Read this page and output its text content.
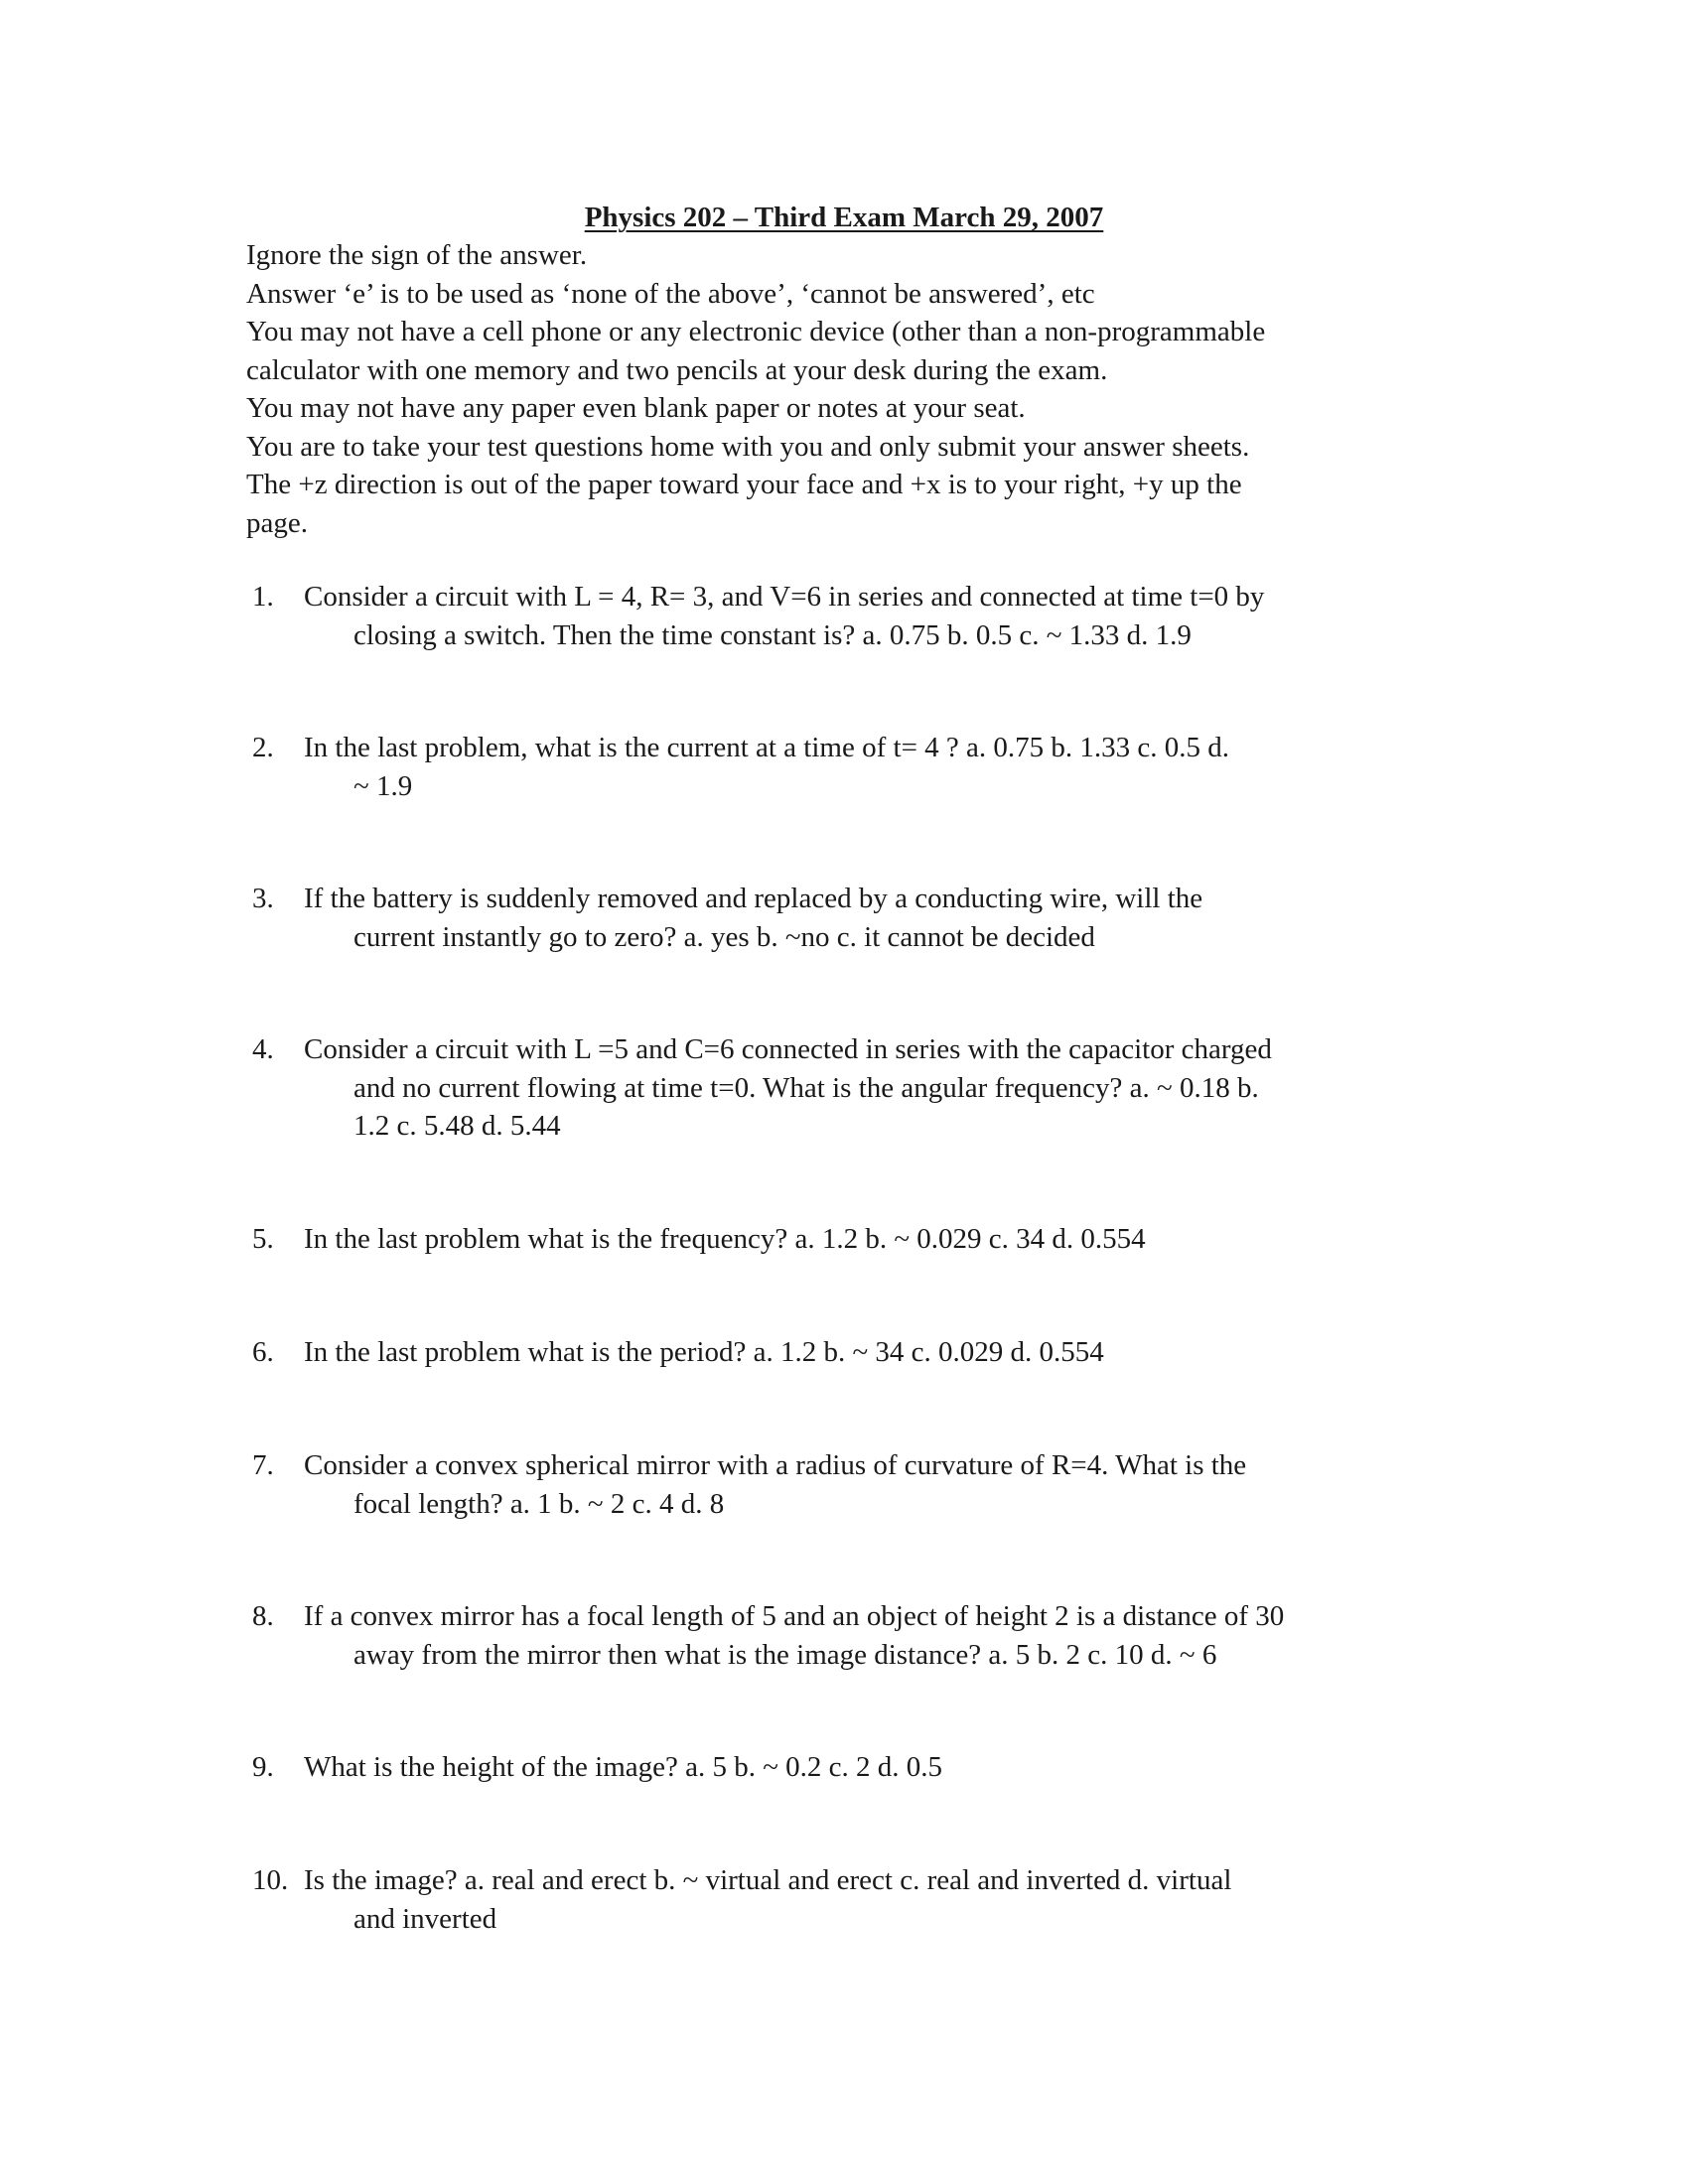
Physics 202 – Third Exam March 29, 2007
Ignore the sign of the answer.
Answer ‘e’ is to be used as ‘none of the above’, ‘cannot be answered’, etc
You may not have a cell phone or any electronic device (other than a non-programmable
calculator with one memory and two pencils at your desk during the exam.
You may not have any paper even blank paper or notes at your seat.
You are to take your test questions home with you and only submit your answer sheets.
The +z direction is out of the paper toward your face and +x is to your right, +y up the
page.
1. Consider a circuit with L = 4, R= 3, and V=6 in series and connected at time t=0 by
closing a switch. Then the time constant is? a. 0.75 b. 0.5 c. ~ 1.33 d. 1.9
2. In the last problem, what is the current at a time of t= 4 ? a. 0.75 b. 1.33 c. 0.5 d.
~ 1.9
3. If the battery is suddenly removed and replaced by a conducting wire, will the
current instantly go to zero? a. yes b. ~no c. it cannot be decided
4. Consider a circuit with L =5 and C=6 connected in series with the capacitor charged
and no current flowing at time t=0. What is the angular frequency? a. ~ 0.18 b.
1.2 c. 5.48 d. 5.44
5. In the last problem what is the frequency? a. 1.2 b. ~ 0.029 c. 34 d. 0.554
6. In the last problem what is the period? a. 1.2 b. ~ 34 c. 0.029 d. 0.554
7. Consider a convex spherical mirror with a radius of curvature of R=4. What is the
focal length? a. 1 b. ~ 2 c. 4 d. 8
8. If a convex mirror has a focal length of 5 and an object of height 2 is a distance of 30
away from the mirror then what is the image distance? a. 5 b. 2 c. 10 d. ~ 6
9. What is the height of the image? a. 5 b. ~ 0.2 c. 2 d. 0.5
10. Is the image? a. real and erect b. ~ virtual and erect c. real and inverted d. virtual
and inverted
